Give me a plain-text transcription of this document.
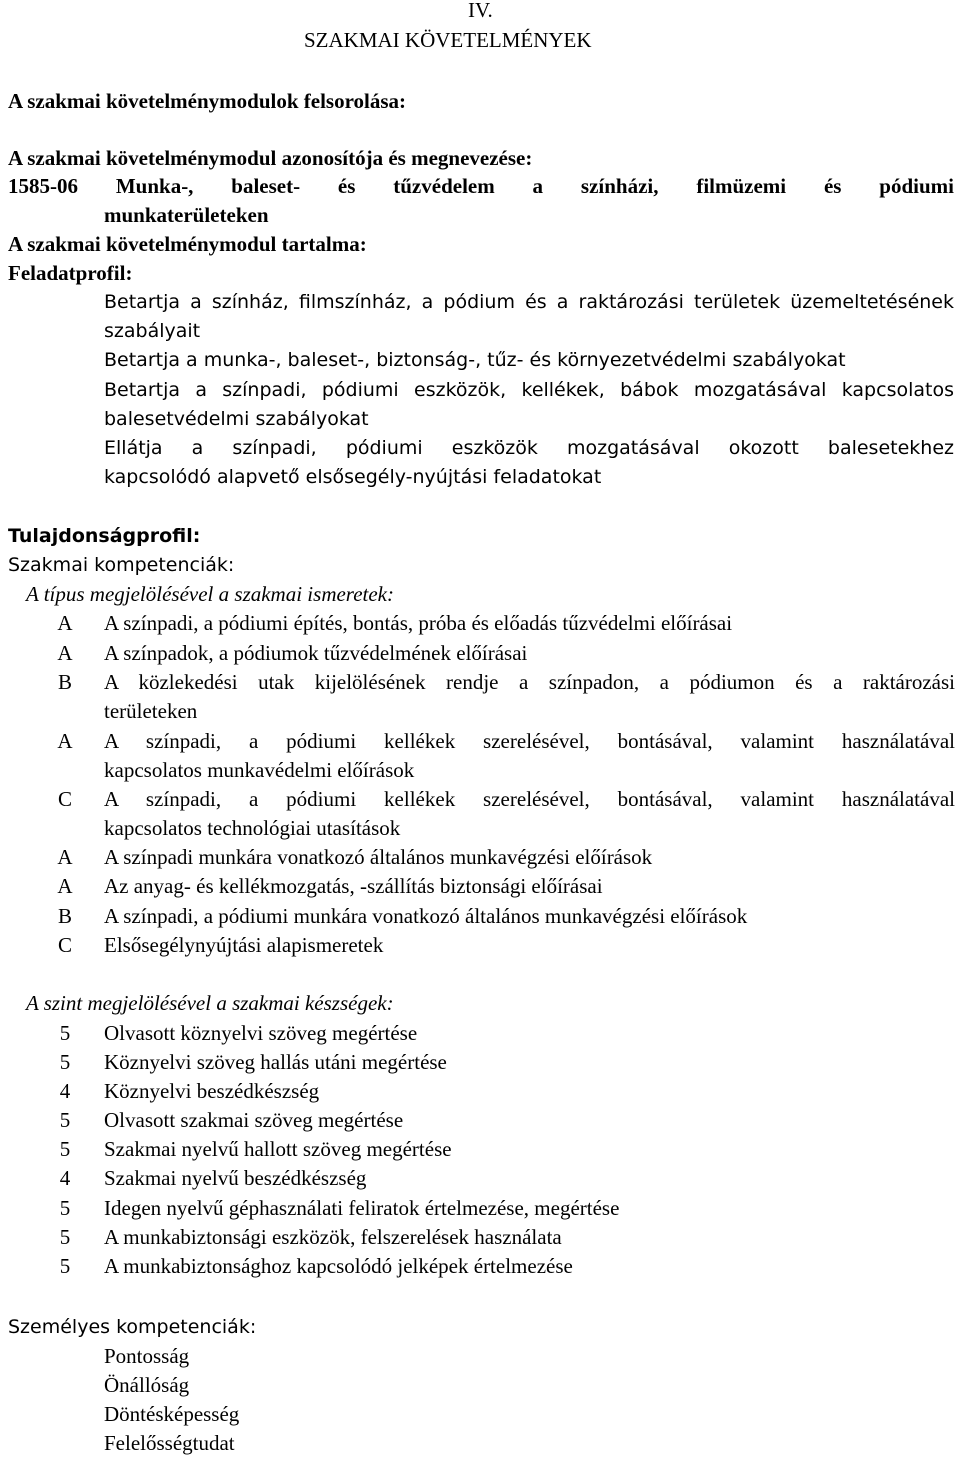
IV.
SZAKMAI KÖVETELMÉNYEK
A szakmai követelménymodulok felsorolása:
A szakmai követelménymodul azonosítója és megnevezése:
1585-06 Munka-, baleset- és tűzvédelem a színházi, filmüzemi és pódiumi
munkaterületeken
A szakmai követelménymodul tartalma:
Feladatprofil:
Betartja a színház, filmszínház, a pódium és a raktározási területek üzemeltetésének
szabályait
Betartja a munka-, baleset-, biztonság-, tűz- és környezetvédelmi szabályokat
Betartja a színpadi, pódiumi eszközök, kellékek, bábok mozgatásával kapcsolatos
balesetvédelmi szabályokat
Ellátja a színpadi, pódiumi eszközök mozgatásával okozott balesetekhez
kapcsolódó alapvető elsősegély-nyújtási feladatokat
Tulajdonságprofil:
Szakmai kompetenciák:
A típus megjelölésével a szakmai ismeretek:
A	A színpadi, a pódiumi építés, bontás, próba és előadás tűzvédelmi előírásai
A	A színpadok, a pódiumok tűzvédelmének előírásai
B	A közlekedési utak kijelölésének rendje a színpadon, a pódiumon és a raktározási
területeken
A	A színpadi, a pódiumi kellékek szerelésével, bontásával, valamint használatával
kapcsolatos munkavédelmi előírások
C	A színpadi, a pódiumi kellékek szerelésével, bontásával, valamint használatával
kapcsolatos technológiai utasítások
A	A színpadi munkára vonatkozó általános munkavégzési előírások
A	Az anyag- és kellékmozgatás, -szállítás biztonsági előírásai
B	A színpadi, a pódiumi munkára vonatkozó általános munkavégzési előírások
C	Elsősegélynyújtási alapismeretek
A szint megjelölésével a szakmai készségek:
5	Olvasott köznyelvi szöveg megértése
5	Köznyelvi szöveg hallás utáni megértése
4	Köznyelvi beszédkészség
5	Olvasott szakmai szöveg megértése
5	Szakmai nyelvű hallott szöveg megértése
4	Szakmai nyelvű beszédkészség
5	Idegen nyelvű géphasználati feliratok értelmezése, megértése
5	A munkabiztonsági eszközök, felszerelések használata
5	A munkabiztonsághoz kapcsolódó jelképek értelmezése
Személyes kompetenciák:
Pontosság
Önállóság
Döntésképesség
Felelősségtudat
